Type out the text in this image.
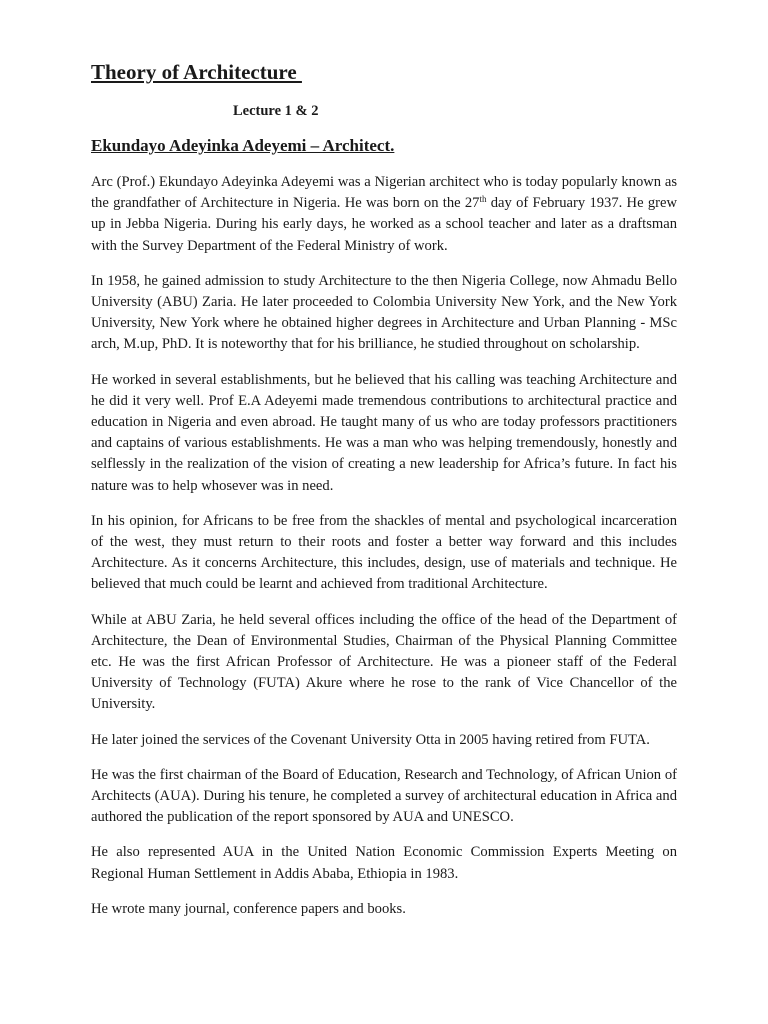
Theory of Architecture
Lecture 1 & 2
Ekundayo Adeyinka Adeyemi – Architect.

Arc (Prof.) Ekundayo Adeyinka Adeyemi was a Nigerian architect who is today popularly known as the grandfather of Architecture in Nigeria. He was born on the 27th day of February 1937. He grew up in Jebba Nigeria. During his early days, he worked as a school teacher and later as a draftsman with the Survey Department of the Federal Ministry of work.

In 1958, he gained admission to study Architecture to the then Nigeria College, now Ahmadu Bello University (ABU) Zaria. He later proceeded to Colombia University New York, and the New York University, New York where he obtained higher degrees in Architecture and Urban Planning - MSc arch, M.up, PhD. It is noteworthy that for his brilliance, he studied throughout on scholarship.

He worked in several establishments, but he believed that his calling was teaching Architecture and he did it very well. Prof E.A Adeyemi made tremendous contributions to architectural practice and education in Nigeria and even abroad. He taught many of us who are today professors practitioners and captains of various establishments. He was a man who was helping tremendously, honestly and selflessly in the realization of the vision of creating a new leadership for Africa’s future. In fact his nature was to help whosever was in need.

In his opinion, for Africans to be free from the shackles of mental and psychological incarceration of the west, they must return to their roots and foster a better way forward and this includes Architecture. As it concerns Architecture, this includes, design, use of materials and technique. He believed that much could be learnt and achieved from traditional Architecture.

While at ABU Zaria, he held several offices including the office of the head of the Department of Architecture, the Dean of Environmental Studies, Chairman of the Physical Planning Committee etc. He was the first African Professor of Architecture. He was a pioneer staff of the Federal University of Technology (FUTA) Akure where he rose to the rank of Vice Chancellor of the University.

He later joined the services of the Covenant University Otta in 2005 having retired from FUTA.

He was the first chairman of the Board of Education, Research and Technology, of African Union of Architects (AUA). During his tenure, he completed a survey of architectural education in Africa and authored the publication of the report sponsored by AUA and UNESCO.

He also represented AUA in the United Nation Economic Commission Experts Meeting on Regional Human Settlement in Addis Ababa, Ethiopia in 1983.

He wrote many journal, conference papers and books.
